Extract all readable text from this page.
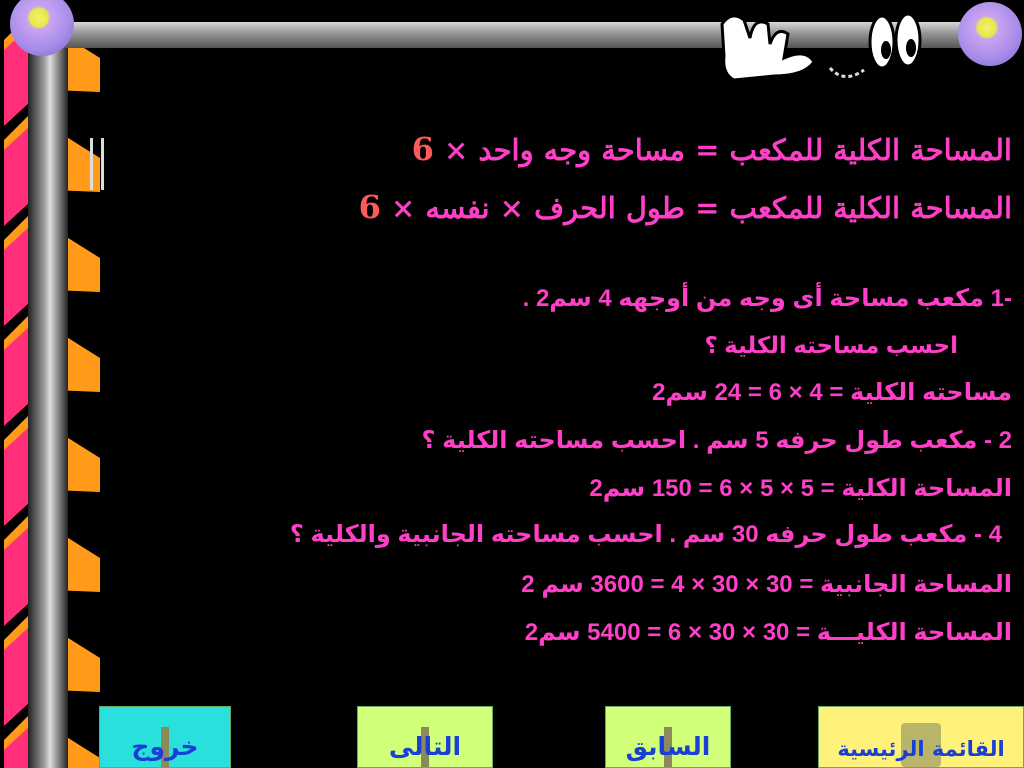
المساحة الكلية للمكعب = مساحة وجه واحد × 6
المساحة الكلية للمكعب = طول الحرف × نفسه × 6
-1 مكعب مساحة أى وجه من أوجهه 4 سم2 .
احسب مساحته الكلية ؟
مساحته الكلية = 4 × 6 = 24 سم2
2 - مكعب طول حرفه 5 سم . احسب مساحته الكلية ؟
المساحة الكلية = 5 × 5 × 6 = 150 سم2
4 - مكعب طول حرفه 30 سم . احسب مساحته الجانبية والكلية ؟
المساحة الجانبية = 30 × 30 × 4 = 3600 سم 2
المساحة الكليـــة = 30 × 30 × 6 = 5400 سم2
خروج	التالى	السابق	القائمة الرئيسية
